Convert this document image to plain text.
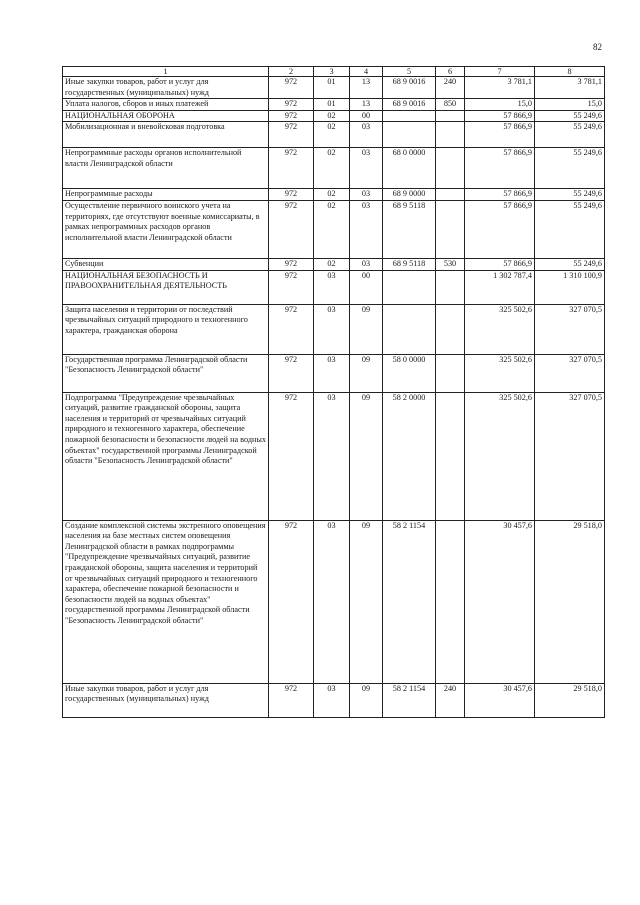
82
1	2	3	4	5	6	7	8
Иные закупки товаров, работ и услуг для государственных (муниципальных) нужд	972	01	13	68 9 0016	240	3 781,1	3 781,1
Уплата налогов, сборов и иных платежей	972	01	13	68 9 0016	850	15,0	15,0
НАЦИОНАЛЬНАЯ ОБОРОНА	972	02	00			57 866,9	55 249,6
Мобилизационная и вневойсковая подготовка	972	02	03			57 866,9	55 249,6
Непрограммные расходы органов исполнительной власти Ленинградской области	972	02	03	68 0 0000		57 866,9	55 249,6
Непрограммные расходы	972	02	03	68 9 0000		57 866,9	55 249,6
Осуществление первичного воинского учета на территориях, где отсутствуют военные комиссариаты, в рамках непрограммных расходов органов исполнительной власти Ленинградской области	972	02	03	68 9 5118		57 866,9	55 249,6
Субвенции	972	02	03	68 9 5118	530	57 866,9	55 249,6
НАЦИОНАЛЬНАЯ БЕЗОПАСНОСТЬ И ПРАВООХРАНИТЕЛЬНАЯ ДЕЯТЕЛЬНОСТЬ	972	03	00			1 302 787,4	1 310 100,9
Защита населения и территории от последствий чрезвычайных ситуаций природного и техногенного характера, гражданская оборона	972	03	09			325 502,6	327 070,5
Государственная программа Ленинградской области "Безопасность Ленинградской области"	972	03	09	58 0 0000		325 502,6	327 070,5
Подпрограмма "Предупреждение чрезвычайных ситуаций, развитие гражданской обороны, защита населения и территорий от чрезвычайных ситуаций природного и техногенного характера, обеспечение пожарной безопасности и безопасности людей на водных объектах" государственной программы Ленинградской области "Безопасность Ленинградской области"	972	03	09	58 2 0000		325 502,6	327 070,5
Создание комплексной системы экстренного оповещения населения на базе местных систем оповещения Ленинградской области в рамках подпрограммы "Предупреждение чрезвычайных ситуаций, развитие гражданской обороны, защита населения и территорий от чрезвычайных ситуаций природного и техногенного характера, обеспечение пожарной безопасности и безопасности людей на водных объектах" государственной программы Ленинградской области "Безопасность Ленинградской области"	972	03	09	58 2 1154		30 457,6	29 518,0
Иные закупки товаров, работ и услуг для государственных (муниципальных) нужд	972	03	09	58 2 1154	240	30 457,6	29 518,0
